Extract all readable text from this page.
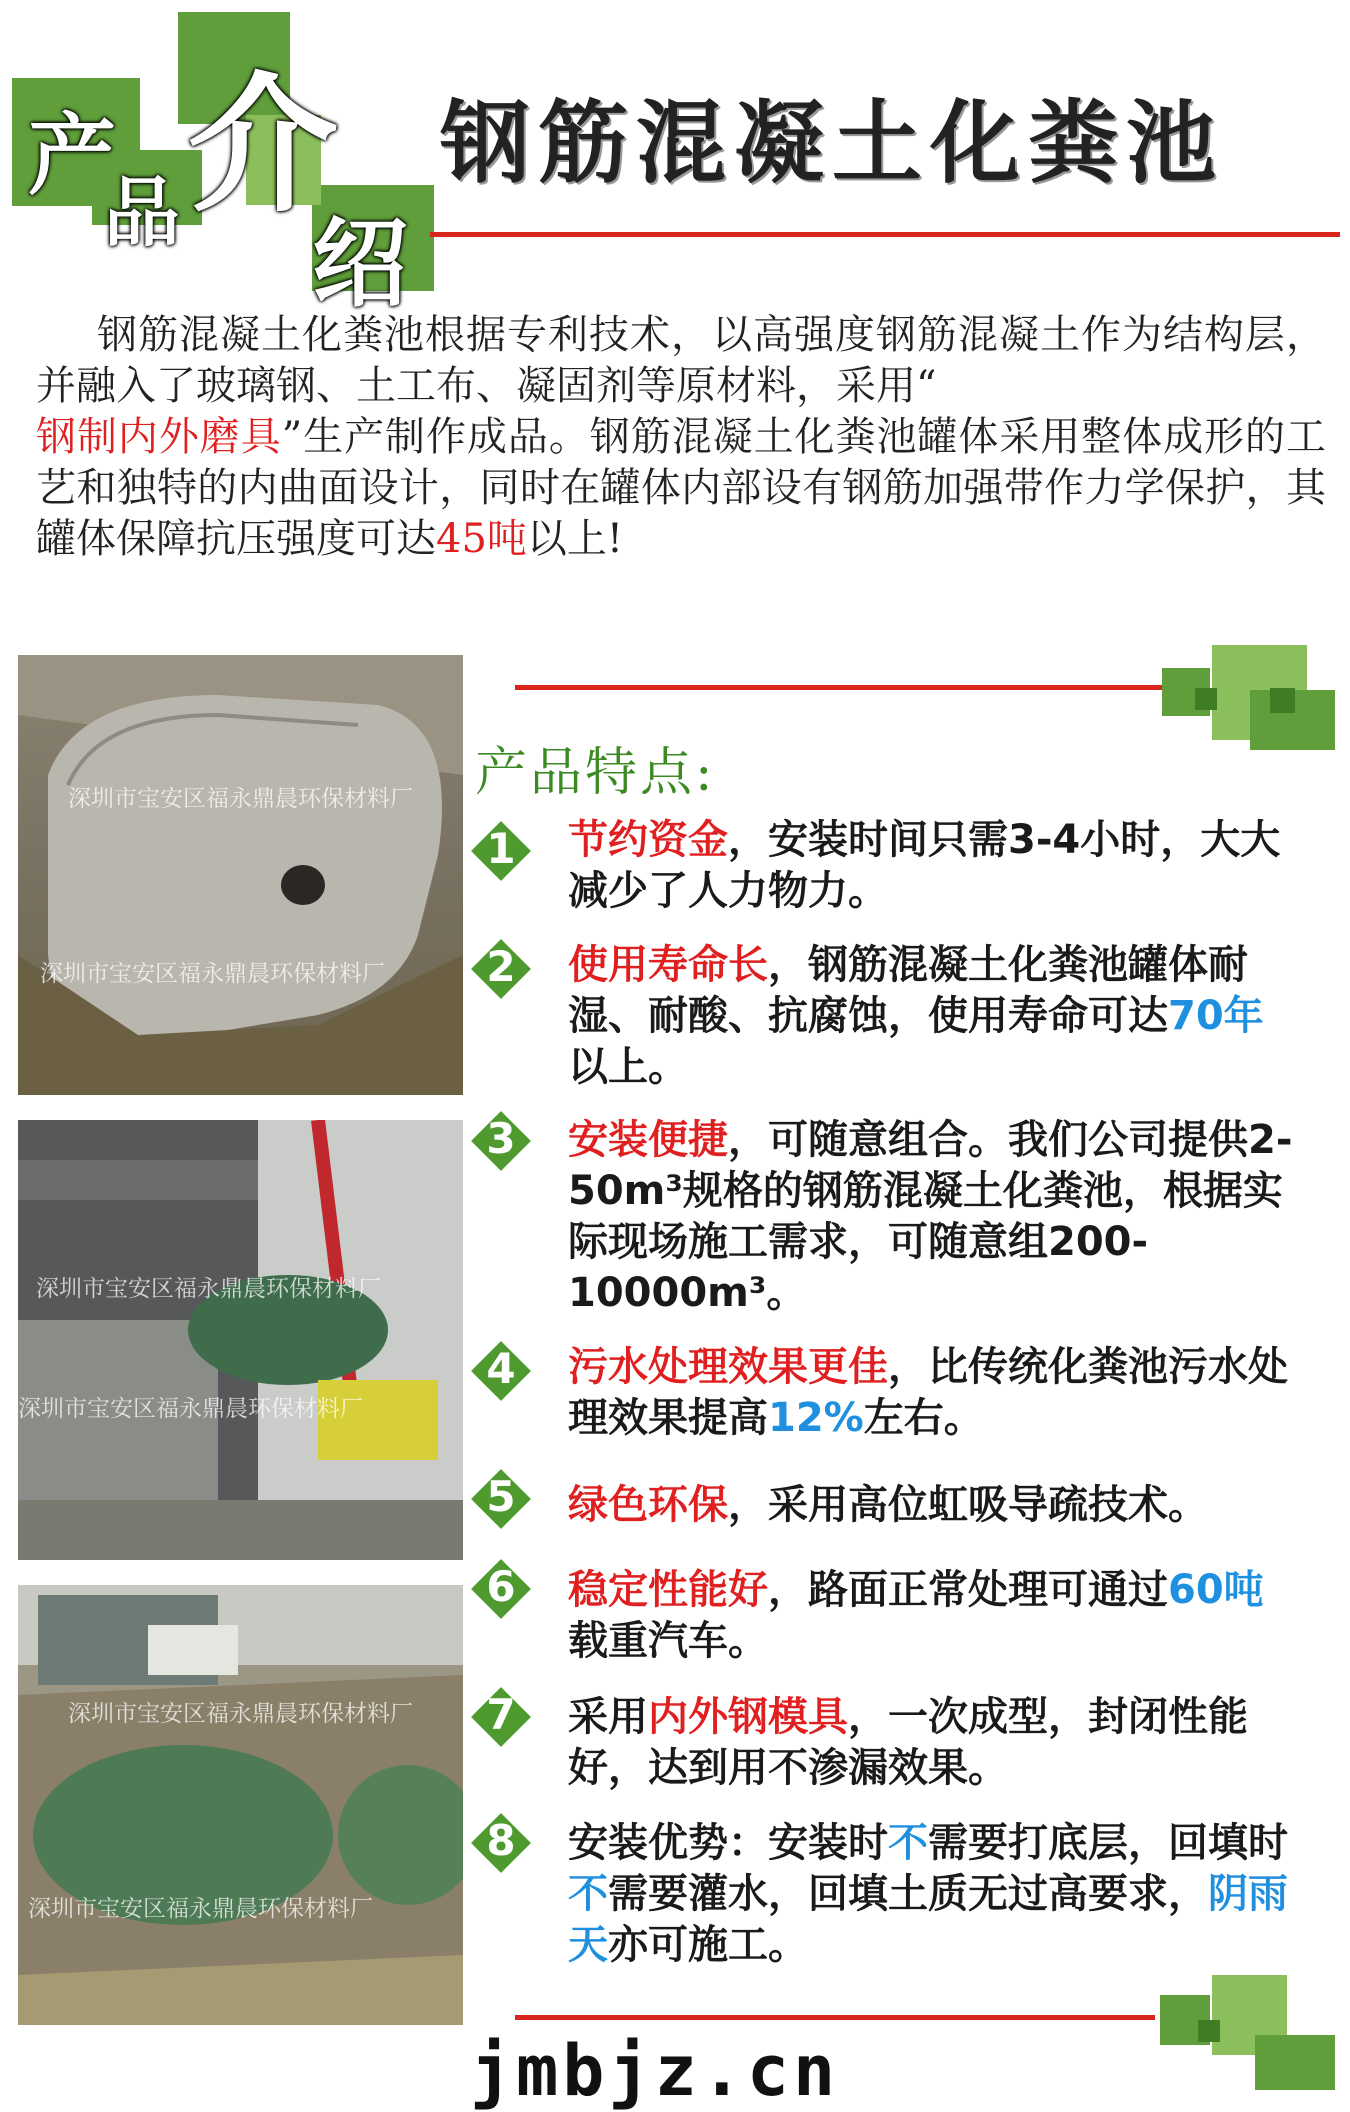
产
品 介
绍
钢筋混凝土化粪池
钢筋混凝土化粪池根据专利技术，以高强度钢筋混凝土作为结构层，并融入了玻璃钢、土工布、凝固剂等原材料，采用“
钢制内外磨具”生产制作成品。钢筋混凝土化粪池罐体采用整体成形的工艺和独特的内曲面设计，同时在罐体内部设有钢筋加强带作力学保护，其罐体保障抗压强度可达45吨以上!
深圳市宝安区福永鼎晨环保材料厂
深圳市宝安区福永鼎晨环保材料厂
深圳市宝安区福永鼎晨环保材料厂
深圳市宝安区福永鼎晨环保材料厂
深圳市宝安区福永鼎晨环保材料厂
深圳市宝安区福永鼎晨环保材料厂
产品特点:
1	节约资金，安装时间只需3-4小时，大大减少了人力物力。
2	使用寿命长，钢筋混凝土化粪池罐体耐湿、耐酸、抗腐蚀，使用寿命可达70年以上。
3	安装便捷，可随意组合。我们公司提供2-50m³规格的钢筋混凝土化粪池，根据实际现场施工需求，可随意组200-10000m³。
4	污水处理效果更佳，比传统化粪池污水处理效果提高12%左右。
5	绿色环保，采用高位虹吸导疏技术。
6	稳定性能好，路面正常处理可通过60吨载重汽车。
7	采用内外钢模具，一次成型，封闭性能好，达到用不渗漏效果。
8	安装优势：安装时不需要打底层，回填时不需要灌水，回填土质无过高要求，阴雨天亦可施工。
jmbjz.cn
